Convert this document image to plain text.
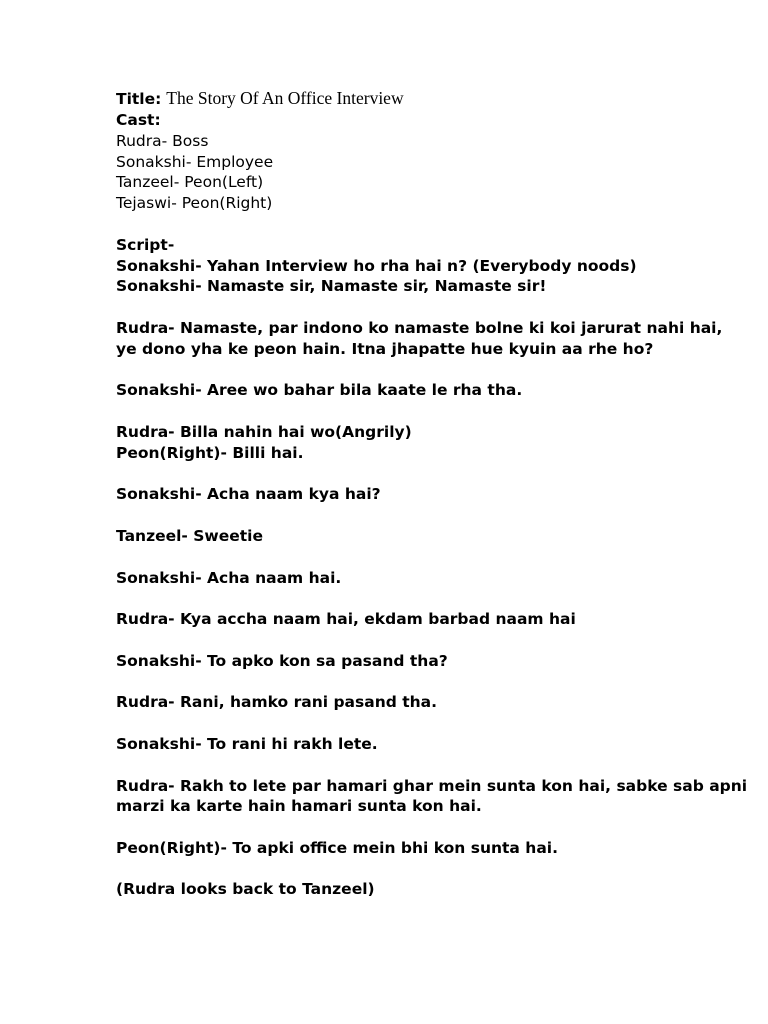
Title: The Story Of An Office Interview
Cast:
Rudra- Boss
Sonakshi- Employee
Tanzeel- Peon(Left)
Tejaswi- Peon(Right)
Script-
Sonakshi- Yahan Interview ho rha hai n? (Everybody noods)
Sonakshi- Namaste sir, Namaste sir, Namaste sir!
Rudra- Namaste, par indono ko namaste bolne ki koi jarurat nahi hai,
ye dono yha ke peon hain. Itna jhapatte hue kyuin aa rhe ho?
Sonakshi- Aree wo bahar bila kaate le rha tha.
Rudra- Billa nahin hai wo(Angrily)
Peon(Right)- Billi hai.
Sonakshi- Acha naam kya hai?
Tanzeel- Sweetie
Sonakshi- Acha naam hai.
Rudra- Kya accha naam hai, ekdam barbad naam hai
Sonakshi- To apko kon sa pasand tha?
Rudra- Rani, hamko rani pasand tha.
Sonakshi- To rani hi rakh lete.
Rudra- Rakh to lete par hamari ghar mein sunta kon hai, sabke sab apni
marzi ka karte hain hamari sunta kon hai.
Peon(Right)- To apki office mein bhi kon sunta hai.
(Rudra looks back to Tanzeel)
